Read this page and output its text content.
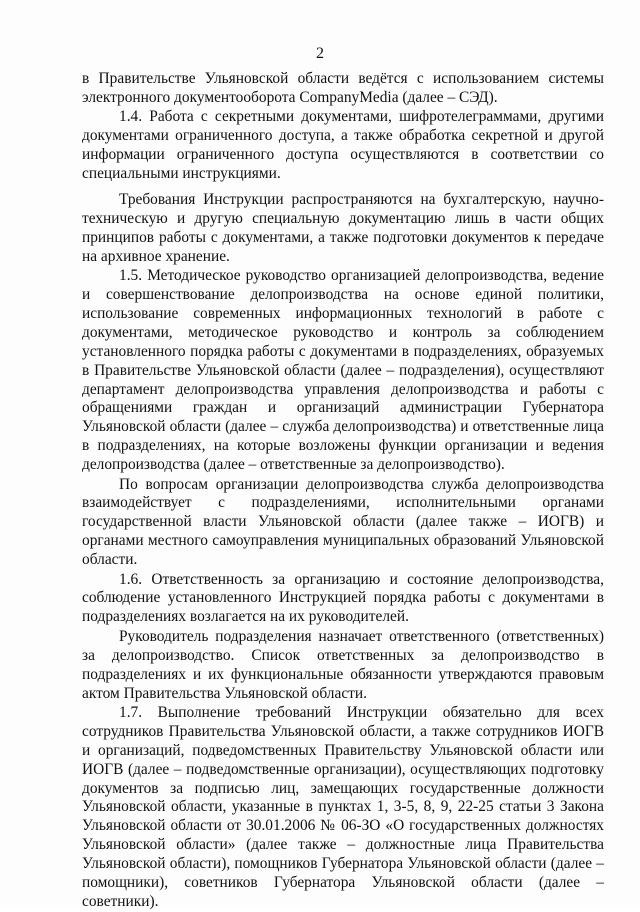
2

в Правительстве Ульяновской области ведётся с использованием системы электронного документооборота CompanyMedia (далее – СЭД).

1.4. Работа с секретными документами, шифротелеграммами, другими документами ограниченного доступа, а также обработка секретной и другой информации ограниченного доступа осуществляются в соответствии со специальными инструкциями.

Требования Инструкции распространяются на бухгалтерскую, научно-техническую и другую специальную документацию лишь в части общих принципов работы с документами, а также подготовки документов к передаче на архивное хранение.

1.5. Методическое руководство организацией делопроизводства, ведение и совершенствование делопроизводства на основе единой политики, использование современных информационных технологий в работе с документами, методическое руководство и контроль за соблюдением установленного порядка работы с документами в подразделениях, образуемых в Правительстве Ульяновской области (далее – подразделения), осуществляют департамент делопроизводства управления делопроизводства и работы с обращениями граждан и организаций администрации Губернатора Ульяновской области (далее – служба делопроизводства) и ответственные лица в подразделениях, на которые возложены функции организации и ведения делопроизводства (далее – ответственные за делопроизводство).

По вопросам организации делопроизводства служба делопроизводства взаимодействует с подразделениями, исполнительными органами государственной власти Ульяновской области (далее также – ИОГВ) и органами местного самоуправления муниципальных образований Ульяновской области.

1.6. Ответственность за организацию и состояние делопроизводства, соблюдение установленного Инструкцией порядка работы с документами в подразделениях возлагается на их руководителей.

Руководитель подразделения назначает ответственного (ответственных) за делопроизводство. Список ответственных за делопроизводство в подразделениях и их функциональные обязанности утверждаются правовым актом Правительства Ульяновской области.

1.7. Выполнение требований Инструкции обязательно для всех сотрудников Правительства Ульяновской области, а также сотрудников ИОГВ и организаций, подведомственных Правительству Ульяновской области или ИОГВ (далее – подведомственные организации), осуществляющих подготовку документов за подписью лиц, замещающих государственные должности Ульяновской области, указанные в пунктах 1, 3-5, 8, 9, 22-25 статьи 3 Закона Ульяновской области от 30.01.2006 № 06-ЗО «О государственных должностях Ульяновской области» (далее также – должностные лица Правительства Ульяновской области), помощников Губернатора Ульяновской области (далее – помощники), советников Губернатора Ульяновской области (далее – советники).
